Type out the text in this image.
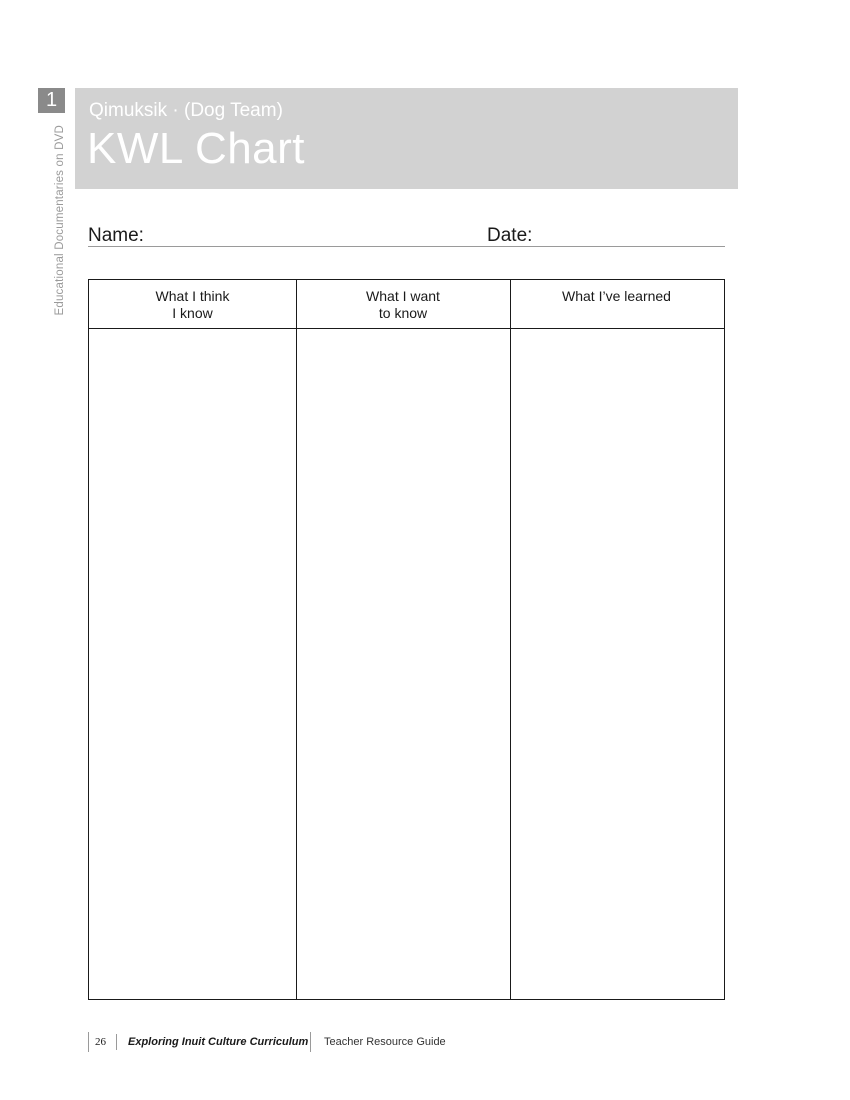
1
Educational Documentaries on DVD
Qimuksik · (Dog Team)
KWL Chart
Name:	Date:
What I think
I know
What I want
to know
What I’ve learned
26 Exploring Inuit Culture Curriculum Teacher Resource Guide
